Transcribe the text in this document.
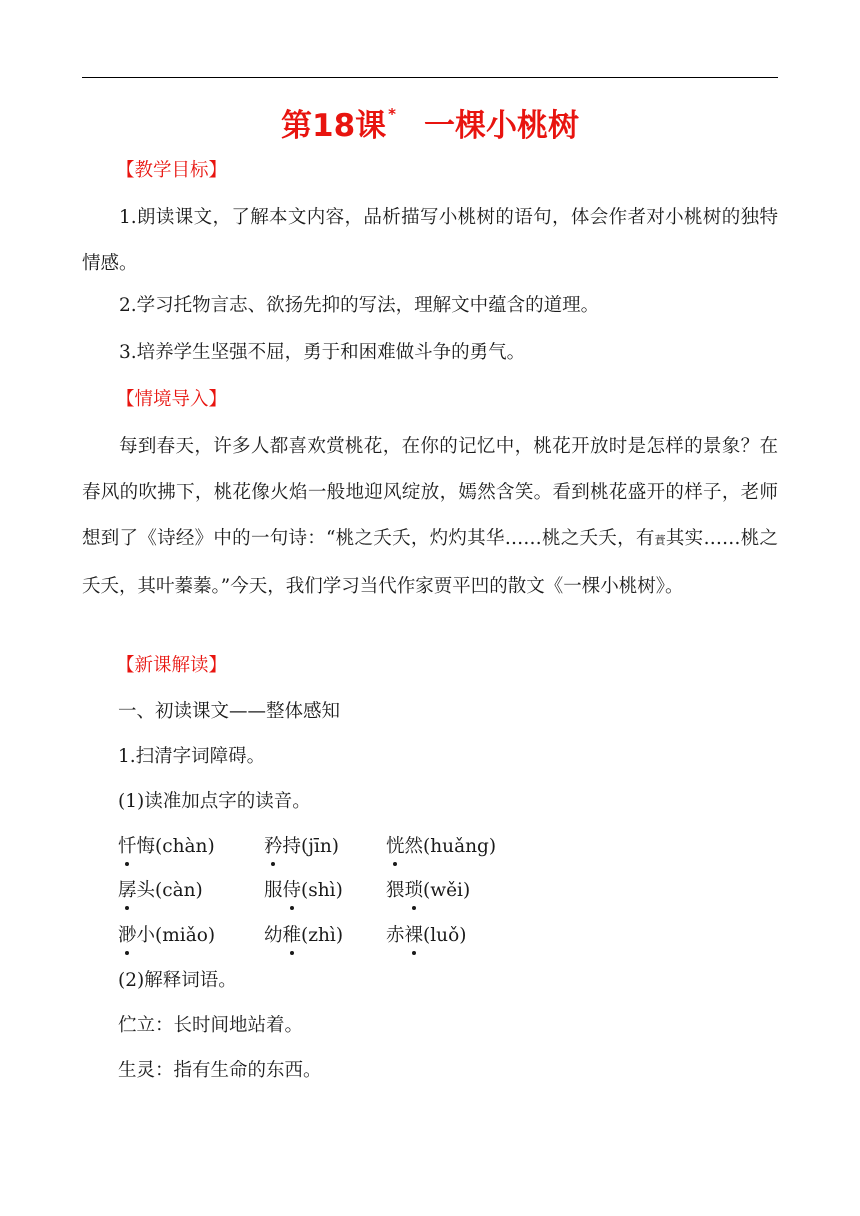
第18课 * 一棵小桃树
【教学目标】
1.朗读课文，了解本文内容，品析描写小桃树的语句，体会作者对小桃树的独特情感。
2.学习托物言志、欲扬先抑的写法，理解文中蕴含的道理。
3.培养学生坚强不屈，勇于和困难做斗争的勇气。
【情境导入】
每到春天，许多人都喜欢赏桃花，在你的记忆中，桃花开放时是怎样的景象？在春风的吹拂下，桃花像火焰一般地迎风绽放，嫣然含笑。看到桃花盛开的样子，老师想到了《诗经》中的一句诗：“桃之夭夭，灼灼其华……桃之夭夭，有蕡其实……桃之夭夭，其叶蓁蓁。”今天，我们学习当代作家贾平凹的散文《一棵小桃树》。
【新课解读】
一、初读课文——整体感知
1.扫清字词障碍。
(1)读准加点字的读音。
忏悔(chàn)	矜持(jīn)	恍然(huǎng)
孱头(càn)	服侍(shì) 猥琐(wěi)
渺小(miǎo)	幼稚(zhì) 赤裸(luǒ)
(2)解释词语。
伫立：长时间地站着。
生灵：指有生命的东西。
